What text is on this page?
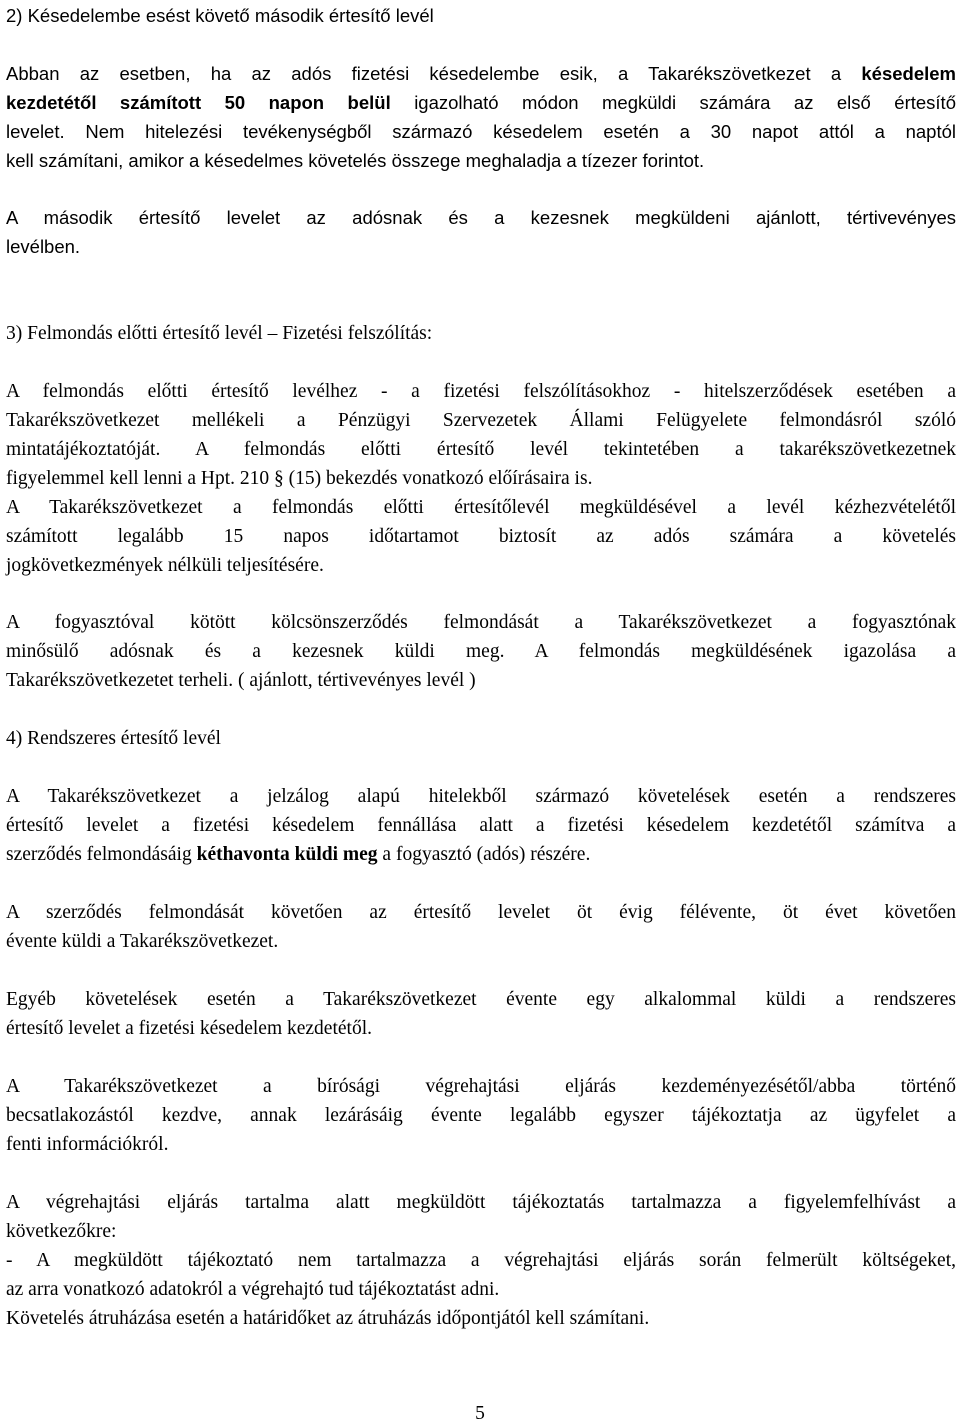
2) Késedelembe esést követő második értesítő levél
Abban az esetben, ha az adós fizetési késedelembe esik, a Takarékszövetkezet a késedelem
kezdetétől számított 50 napon belül igazolható módon megküldi számára az első értesítő
levelet. Nem hitelezési tevékenységből származó késedelem esetén a 30 napot attól a naptól
kell számítani, amikor a késedelmes követelés összege meghaladja a tízezer forintot.
A második értesítő levelet az adósnak és a kezesnek megküldeni ajánlott, tértivevényes
levélben.
3) Felmondás előtti értesítő levél – Fizetési felszólítás:
A felmondás előtti értesítő levélhez - a fizetési felszólításokhoz - hitelszerződések esetében a
Takarékszövetkezet mellékeli a Pénzügyi Szervezetek Állami Felügyelete felmondásról szóló
mintatájékoztatóját. A felmondás előtti értesítő levél tekintetében a takarékszövetkezetnek
figyelemmel kell lenni a Hpt. 210 § (15) bekezdés vonatkozó előírásaira is.
A Takarékszövetkezet a felmondás előtti értesítőlevél megküldésével a levél kézhezvételétől
számított legalább 15 napos időtartamot biztosít az adós számára a követelés
jogkövetkezmények nélküli teljesítésére.
A fogyasztóval kötött kölcsönszerződés felmondását a Takarékszövetkezet a fogyasztónak
minősülő adósnak és a kezesnek küldi meg. A felmondás megküldésének igazolása a
Takarékszövetkezetet terheli. ( ajánlott, tértivevényes levél )
4) Rendszeres értesítő levél
A Takarékszövetkezet a jelzálog alapú hitelekből származó követelések esetén a rendszeres
értesítő levelet a fizetési késedelem fennállása alatt a fizetési késedelem kezdetétől számítva a
szerződés felmondásáig kéthavonta küldi meg a fogyasztó (adós) részére.
A szerződés felmondását követően az értesítő levelet öt évig félévente, öt évet követően
évente küldi a Takarékszövetkezet.
Egyéb követelések esetén a Takarékszövetkezet évente egy alkalommal küldi a rendszeres
értesítő levelet a fizetési késedelem kezdetétől.
A Takarékszövetkezet a bírósági végrehajtási eljárás kezdeményezésétől/abba történő
becsatlakozástól kezdve, annak lezárásáig évente legalább egyszer tájékoztatja az ügyfelet a
fenti információkról.
A végrehajtási eljárás tartalma alatt megküldött tájékoztatás tartalmazza a figyelemfelhívást a
következőkre:
- A megküldött tájékoztató nem tartalmazza a végrehajtási eljárás során felmerült költségeket,
az arra vonatkozó adatokról a végrehajtó tud tájékoztatást adni.
Követelés átruházása esetén a határidőket az átruházás időpontjától kell számítani.
5
